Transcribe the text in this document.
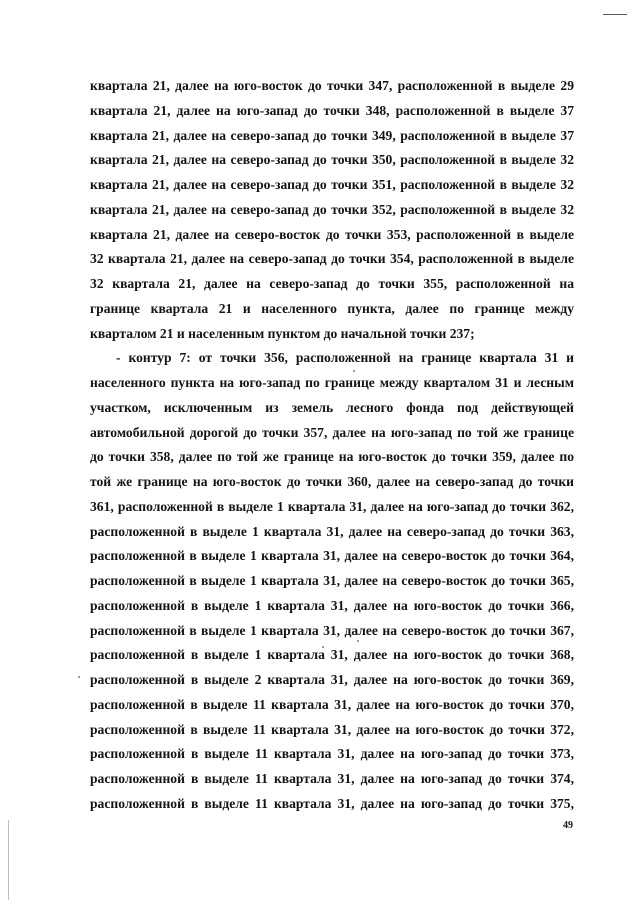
квартала 21, далее на юго-восток до точки 347, расположенной в выделе 29
квартала 21, далее на юго-запад до точки 348, расположенной в выделе 37
квартала 21, далее на северо-запад до точки 349, расположенной в выделе 37
квартала 21, далее на северо-запад до точки 350, расположенной в выделе 32
квартала 21, далее на северо-запад до точки 351, расположенной в выделе 32
квартала 21, далее на северо-запад до точки 352, расположенной в выделе 32
квартала 21, далее на северо-восток до точки 353, расположенной в выделе
32 квартала 21, далее на северо-запад до точки 354, расположенной в выделе
32 квартала 21, далее на северо-запад до точки 355, расположенной на
границе квартала 21 и населенного пункта, далее по границе между
кварталом 21 и населенным пунктом до начальной точки 237;
- контур 7: от точки 356, расположенной на границе квартала 31 и
населенного пункта на юго-запад по границе между кварталом 31 и лесным
участком, исключенным из земель лесного фонда под действующей
автомобильной дорогой до точки 357, далее на юго-запад по той же границе
до точки 358, далее по той же границе на юго-восток до точки 359, далее по
той же границе на юго-восток до точки 360, далее на северо-запад до точки
361, расположенной в выделе 1 квартала 31, далее на юго-запад до точки 362,
расположенной в выделе 1 квартала 31, далее на северо-запад до точки 363,
расположенной в выделе 1 квартала 31, далее на северо-восток до точки 364,
расположенной в выделе 1 квартала 31, далее на северо-восток до точки 365,
расположенной в выделе 1 квартала 31, далее на юго-восток до точки 366,
расположенной в выделе 1 квартала 31, далее на северо-восток до точки 367,
расположенной в выделе 1 квартала 31, далее на юго-восток до точки 368,
расположенной в выделе 2 квартала 31, далее на юго-восток до точки 369,
расположенной в выделе 11 квартала 31, далее на юго-восток до точки 370,
расположенной в выделе 11 квартала 31, далее на юго-восток до точки 372,
расположенной в выделе 11 квартала 31, далее на юго-запад до точки 373,
расположенной в выделе 11 квартала 31, далее на юго-запад до точки 374,
расположенной в выделе 11 квартала 31, далее на юго-запад до точки 375,
49
